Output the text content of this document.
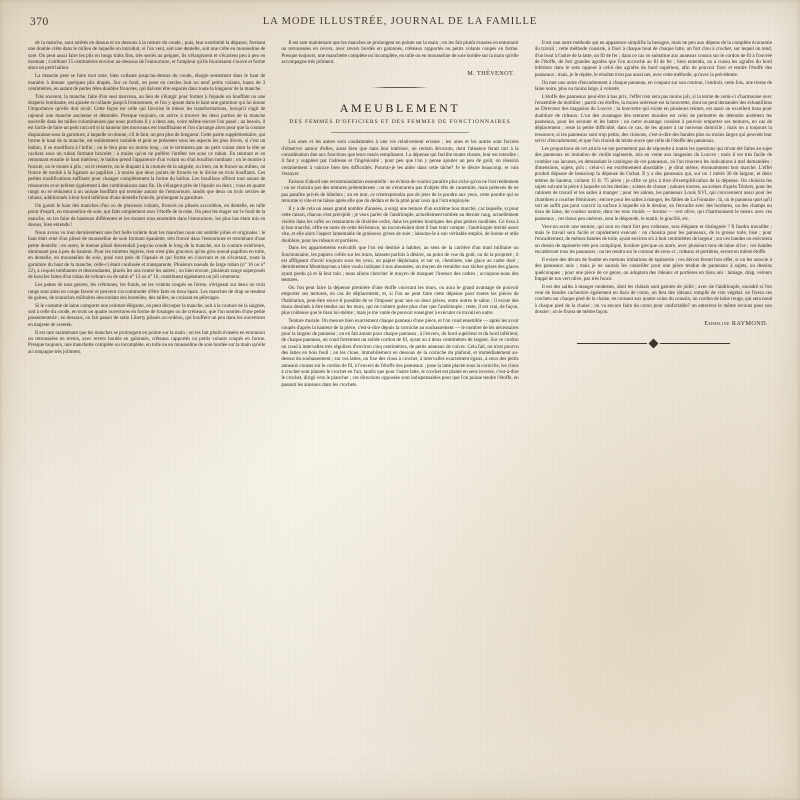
370	LA MODE ILLUSTRÉE, JOURNAL DE LA FAMILLE

de la manche, sont arrêtés en dessus et en dessous à la rotture du coude ; puis, leur extrémité la dépasse, formant une double crête dans le milieu de laquelle on introduit, si l'on veut, soit une dentelle, soit une crête en mousseline de soie. On peut aussi faire les plis en longs traits fins, très serrés au peignet, ils s'élargissent et s'écartent peu à peu en montant ; s'arrêtant 15 centimètres environ au-dessous de l'entournure, et l'ampleur qu'ils fournissent s'ouvre et forme alors un petit ballon.

La manche peut se faire tout unie, bien collante jusqu'au-dessus du coude, élargie seulement dans le haut de manière à donner quelques plis drapés. Sur ce fond, on pose en cercles huit ou neuf petits volants, hauts de 3 centimètres, en autant de perles têtes doubles froncées, qui daivent être espacés dans toute la longueur de la manche.

Très souvent, la manche, faite d'un seul morceau, au lieu de s'élargir pour former à l'épaule un bouffant ou une draperie bombante, est ajustée et collante jusqu'à l'entournure, et l'on y ajoute dans le haut une garniture qui lui donne l'importance qu'elle doit avoir. Cette façon est celle qui favorise le mieux les transformations, lorsqu'il s'agit de rajeunir une manche ancienne et démodée. Presque toujours, on arrive à trouver les deux parties de la manche nouvelle dans les tailles volumineuses que nous portions il y a deux ans, voire même encore l'an passé ; au besoin, il est facile de faire un petit raccord si la hauteur des morceaux est insuffisante et l'on s'arrange alors pour que la couture disparaisse sous la garniture, à laquelle on donne, s'il le faut, un peu plus de longueur. Cette partie supplémentaire, qui forme le haut de la manche, est entièrement variable et peut se présenter sous les aspects les plus divers, si c'est un ballon, il se modifiera à l'infini ; on le fera plus ou moins long ; on le terminera par un petit volant dont la tête se cachera sous un ruban formant bracelet ; à moins qu'on ne préfère l'arrêter net sous ce ruban. En rentrant et en remontant ensuite le haut intérieur, le ballon prend l'apparence d'un volant ou d'un bouillon tombant ; on le montre à froncer, on le monte à plis ; on le resserre, on le drapant à la couture de la saignée, ou bien, on le fronce au milieu, on fronce de moitié à la ligature au papillon ; à moins que deux points de froncés ne le divise en trois bouffants. Ces petites modifications suffisent pour changer complètement la forme du ballon. Les bouillons offrent tout autant de ressources et se prêtent également à des combinaisons sans fin. Ils s'élargent près de l'épaule ou deux ; vous en quatre rangs ou se réduisent à un unique bouffant qui termine autour de l'entournure, tandis que deux ou trois cercles de rubans, additionnés à leur bord inférieur d'une dentelle froncée, prolongent la garniture.

On garnit le haut des manches d'un ou de plusieurs volants, froncés ou plissés accordéon, en dentelle, en tulle point d'esprit, en mousseline de soie, qui faits simplement avec l'étoffe de la robe. On peut les étager sur le fond de la manche, on les faire de hauteurs différentes et les monter tous ensemble dans l'entournure, les plus bas étant mis en dessus, bien entendu !

Nous avons vu tout dernièrement une fort belle toilette dont les manches nous ont semblé jolies et originales : le haut était orné d'un plissé de mousseline de soie formant épaulette, très froncé dans l'entournure et retombant d'une petite dentelle ; en outre, le menue plissé descendait jusqu'au coude le long de la manche, sur la couture extérieure, diminuant peu à peu de hauteur. Pour les toilettes légères, rien n'est plus gracieux qu'un gros noeud-papillon en tulle, en dentelle, en mousseline de soie, posé tout près de l'épaule et qui forme en s'ouvrant et en s'écartant, toute la garniture du haut de la manche, celle-ci étant coulissée et transparente. Plusieurs noeuds de large ruban (n° 16 ou n° 22), à coques tombantes et descendantes, placés les uns contre les autres ; ou bien encore, plusieurs rangs superposés de boucles faites d'un ruban de velours ou de satin n° 12 ou n° 16, constituent également un joli ornement.

Les pattes de tous genres, les crêtonnes, les fonds, en les volants coupés en forme, s'érigeant sur deux ou trois rangs sont ainsi en coupe faveur et peuvent s'accommoder d'être faits en tissu épais. Les manches de drap se tendent de gaines, de soutaches militaires descendant des boutelles, des tailles, se croisant en pèlerages.

Si le costume de laine comporte une ceinture élégante, on peut découper la manche, soit à la couture de la saignée, soit à celle du coude, en trois ou quatre ouvertures en forme de losanges ou de créneaux, que l'on soutien d'une petite passementerie ; en dessous, on fait passer de satin Liberty plissés accordéon, qui bouffent un peu dans les ouvertures en majeste de oreetée.

Il est rare maintenant que les manches se prolongent en pointe sur la main ; on les fait plutôt évasées en entonnoir ou retroussées en revers, avec revers bordés en galonnés, crêteaux rapportés ou petits volants coupés en forme. Presque toujours, une manchette complète ou incomplète, en tulle ou en mousseline de soie bordée sur la main qu'elle accompagne très joliment.

Il est rare maintenant que les manches se prolongent en pointe sur la main ; on les fait plutôt évasées en entonnoir ou retroussées en revers, avec revers bordés en galonnés, crêteaux rapportés ou petits volants coupés en forme. Presque toujours, une manchette complète ou incomplète, en tulle ou en mousseline de soie bordée sur la main qu'elle accompagne très joliment.

M. THÉVENOT.
AMEUBLEMENT
DES FEMMES D'OFFICIERS ET DES FEMMES DE FONCTIONNAIRES

Les unes et les autres sont condamnées à une vie relativement errante ; les unes et les autres sont forcées d'observer autour d'elles, aussi bien que dans leur intérieur, un certain décorum, dont l'absence ferait tort à la considération due aux fonctions que leurs maris remplissent. La dépense qui facilite toutes choses, leur est interdite ; il faut y suppléer par l'adresse et l'ingéniosité ; pour peu que l'on y pense ajouter un peu de goût, on réussira certainement à vaincre bien des difficultés. Pourrai-je les aider dans cette tâche? Je le désire beaucoup, et vais l'essayer.

Faisons d'abord une recommandation essentielle : ne évitera de vouloir paraître plus riche qu'on ne l'est réellement ; on ne choisira pas des tentures prétentieuses ; on ne s'entourera pas d'objets rêts de canettuite, mais prétexés de ne pas paraître privés de bibelots ; on en mot, ce n'entreprendra pas de jeter de la poudre aux yeux, cette pondre qui se retourne si vite et ne laisse après elle que du dédain et de la pitié pour ceux qui l'ont employée.

Il y a de cela un assez grand nombre d'années, a surgi une tenture d'un extrême bon marché, car laquelle, si pour cette raison, chacun s'est précipité ; je veux parler de l'andrinople, actuellement tombée au dernier rang, actuellement visible dans les cafés ou restaurants de dixième ordre, dans les petites boutiques des plus petites modistes. Ce tissu à si bon marché, offre en outre de cette déchéance, un inconvénient dont il faut tenir compte ; l'andrinople mérité assez vite, et elle alors l'aspect lamentable de graisseux grises de suie ; laissons-le à son véritable emploi, de bonne et utile doublure, pour les rideaux et portières.

Dans les appartements exécutifs que l'on est destiné à habiter, au sens de la carrière d'un mari militaire ou fonctionnaire, les papiers collés sur les murs, laissent parfois à désirer, au point de vue du goût, ou de la propreté ; il est affligeant d'avoir toujours sous les yeux, un papier déplaisant, et sur ce, cheminée, une glace au cadre doré ; dernièrement Montmaynan a bien voulu indiquer à nos abonnées, un moyen de remédier aux tâches grises des glaces ayant perdu çà et là leur tain ; nous allons chercher le moyen de masquer l'inessor des cadres ; occupons-nous des tentures.

Ou l'on peut faire la dépense première d'une étoffe couvrant les murs, ou aura le grand avantage de pouvoir emporter ses tentures, en cas de déplacement, et, si l'on ne peut faire cette dépense pour toutes les pièces de l'habitation, peut-être sera-t-il possible de se l'imposer pour une ou deux pièces, entre autres le salon ; il existe des tissus destinés à être tendus sur les murs, qui ne coûtent guère plus cher que l'andrinople ; reste, il est vrai, de façon, plus coûteuse que le tissu lui-même ; mais je me vante de pouvoir enseigner à exécuter ce travail en outre.

Tenture murale. On mesure bien exactement chaque panneau d'une pièce, et l'on coud ensemble — après les avoir coupés d'après la hauteur de la pièce, c'est-à-dire depuis la corniche au soubassement — le nombre de lés nécessaires pour la largeur de panneau ; on en fait autant pour chaque panneau ; à l'envers, du bord supérieur et du bord inférieur, de chaque panneau, on coud fortement un solide cordon de fil, ayant un à deux centimètres de largeur. Sur ce cordon on coud à intervalles très réguliers d'environ cinq centimètres, de petits anneaux de cuivre. Cela fait, on n'est pourvu des lattes en bois feuil ; on les cloue, immobilement en dessous de la corniche du plafond, et immédiatement au-dessus du soubassement ; sur ces lattes, on fixe des clous à crochet, à intervalles exactement égaux, à ceux des petits anneaux cousus sur le cordon de fil, à l'envers de l'étoffe des panneaux ; pose la latte placée sous la corniche, les clous à crochet sont plantés le crochet en l'air, tandis que pour l'autre latte, le crochet est planté en sens inverse, c'est-à-dire le crochet, dirigé vers le plancher ; ces directions opposées sont indispensables pour que l'on puisse tendre l'étoffe, en passant les anneaux dans les crochets.

Il est une autre méthode qui en apparence simplifie la besogne, mais ne peu aux dépens de la complète économie du travail ; cette méthode consiste, à fixer à chaque bout de chaque latte, un fort clou à crochet, sur lequel on tend, d'un bout à l'autre de la latte, un fil de fer ; dans ce cas on substitue aux anneaux cousus sur le cordon de fil à l'ouvrée de l'étoffe, de fort grandes agrafes que l'on accroche au fil de fer ; bien entendu, on a cousu les agrafes du bord inférieur dans le sens opposé à celui des agrafes du bord supérieur, afin de pouvoir fixer et tendre l'étoffe des panneaux ; mais, je le répète, le résultat n'est pas aussi net, avec cette méthode, qu'avec la précédente.

On met une autre d'encadrement à chaque panneau, en coupant sur son contour, l'endroit, cette fois, une tresse de laine noire, plus ou moins large, à volonté.

L'étoffe des panneaux peut-être à bas prix, l'effet n'en sera pas moins joli, si la teinte de cemi-ci s'harmonise avec l'ensemble du mobilier ; parmi ces étoffes, la moins onéreuse est la bouvrette, dont on peut demander des échantillons au Directeur des magasins du Louvre ; la bouvrette qui existe en plusieurs teintes, est aussi un excellent tissu pour doublure de rideaux. L'un des avantages des tentures murales est celui de permettre de détendre aisément les panneaux, pour les secouer et les battre ; un outre avantage consiste à pouvoir emporter ses tentures, en cas de déplacement ; reste la petite difficulté, dans ce cas, de les ajuster à un nouveau domicile ; mais on a toujours la ressource, si les panneaux sont trop petits, des cloisons, c'est-à-dire des bandes plus ou moins larges qui peuvent leur servir d'encadrement, et que l'on choisit de teinte oncre que celle de l'étoffe des panneaux.

Les proportions de cet article ne me permettent pas de répondre à toutes les questions qui m'ont été faites au sujet des panneaux en imitation de vieille tapisserie, mis en vente aux magasins du Louvre ; mais il est très facile de combler cas lacunes, en demandant le catalogue de ces panneaux, où l'on trouvera les indications à mel demandées : dimensions, sujets, prix ; celui-ci est extrêmement abordable ; je dirai même, étonnamment bon marché. L'effet produit dépasse de beaucoup la dépense de l'achat. Il y a des panneaux qui, sur un 1 mètre 30 de largeur, et deux mètres de hauteur, coûtent 15 fr. 75 pièce ; je offre ce prix à titre d'exemplification de la dépense. On choisira les sujets suivant la pièce à laquelle on les destine ; scènes de chasse ; natures mortes, au scènes d'après Téniers, pour les cabinets de travail et les salles à manger ; pour les salons, les panneaux Louis XVI, qui conviennent aussi pour les chambres à coucher féminines ; encore pour les salles à manger, les fables de La Fontaine ; là, où le panneau quel qu'il soit ne suffit pas pour couvrir la surface à laquelle on le destine, on l'encadre avec des bordures, ou des champs ou tissu de laine, de couleur neutre, dans les tons ritoids — bronze — vert olive, qui s'harmonisent le mieux avec ces panneaux ; ces tissus peu onéreux, sont le désponde, le mattir, le gracilié, etc.

Veut-on avoir une tenture, qui tout en étant fort peu coûteuse, sera élégante et distinguée ? Il faudra travailler ; mais le travail sera facile et rapidement exécuté : on choisira pour les panneaux, de la grosse toile, bise ; pour l'encadrement, de mêmes bandes de toile, ayant environ six à huit centimètres de largeur ; sur ces bandes on exécutera un dessin de tapisserie très peu compliqué, bordure grecque ou autre, avec plusieurs tons de laine olive ; ces bandes encadreront tous les panneaux ; on les rendra sur le contour de ceux-ci ; rideaux et portières, seront en même étoffe.

Il existe des dècots de foudre en mettons imitations de tapisserie ; ces décors feront bon effet, si on les associe à des panneaux unis ; mais je ne saurais les conseiller pour une pièce tendue de panneaux à sujets, ou dessins quelconques ; pour une pièce de ce genre, on adoptera des rideaux et portières en tissu uni : lainage, drap, velours frappé de ton vert olive, pas très foncé.

Il est des salles à manger modestes, dont les châssis sont garnies de juille ; avec de l'andrinople, encadré si l'on veut de bandes cachemire également en tissu de coton, on fera des rideaux rompils de crin végétal. on fixera ces crochets sur chaque pied de la chaise, en cousant aux quatre coins du coussin, un cordon de laine rouge, qui sera noué à chaque pied de la chaise ; on va encore faire du coton pour confortable? on enterrera le même recouts pour son dossier ; on le fixera de même façon.

Emmeline RAYMOND.
